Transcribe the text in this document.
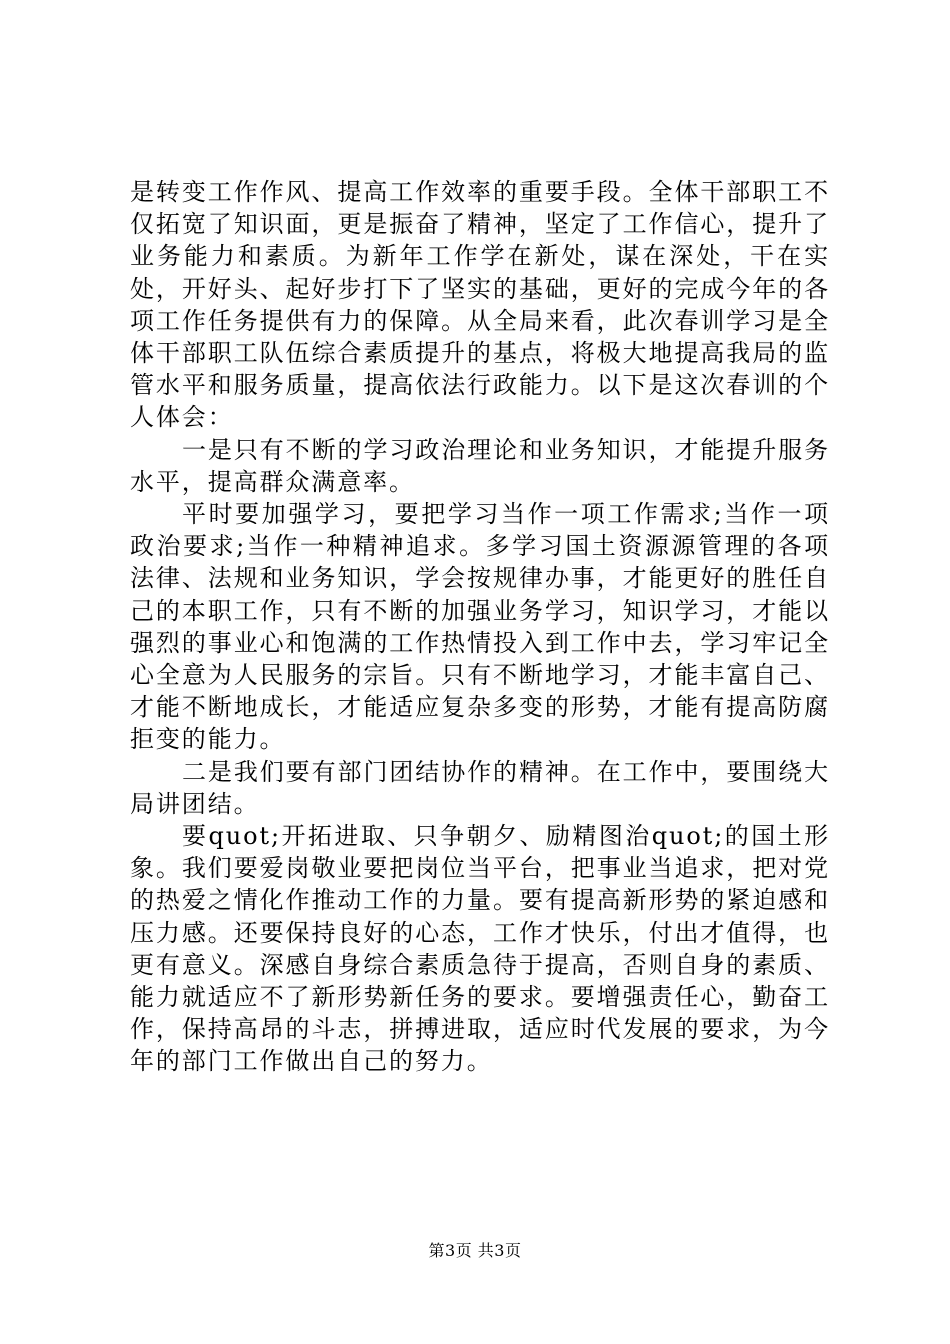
是转变工作作风、提高工作效率的重要手段。全体干部职工不仅拓宽了知识面，更是振奋了精神，坚定了工作信心，提升了业务能力和素质。为新年工作学在新处，谋在深处，干在实处，开好头、起好步打下了坚实的基础，更好的完成今年的各项工作任务提供有力的保障。从全局来看，此次春训学习是全体干部职工队伍综合素质提升的基点，将极大地提高我局的监管水平和服务质量，提高依法行政能力。以下是这次春训的个人体会：

一是只有不断的学习政治理论和业务知识，才能提升服务水平，提高群众满意率。

平时要加强学习，要把学习当作一项工作需求;当作一项政治要求;当作一种精神追求。多学习国土资源源管理的各项法律、法规和业务知识，学会按规律办事，才能更好的胜任自己的本职工作，只有不断的加强业务学习，知识学习，才能以强烈的事业心和饱满的工作热情投入到工作中去，学习牢记全心全意为人民服务的宗旨。只有不断地学习，才能丰富自己、才能不断地成长，才能适应复杂多变的形势，才能有提高防腐拒变的能力。

二是我们要有部门团结协作的精神。在工作中，要围绕大局讲团结。

要quot;开拓进取、只争朝夕、励精图治quot;的国土形象。我们要爱岗敬业要把岗位当平台，把事业当追求，把对党的热爱之情化作推动工作的力量。要有提高新形势的紧迫感和压力感。还要保持良好的心态，工作才快乐，付出才值得，也更有意义。深感自身综合素质急待于提高，否则自身的素质、能力就适应不了新形势新任务的要求。要增强责任心，勤奋工作，保持高昂的斗志，拼搏进取，适应时代发展的要求，为今年的部门工作做出自己的努力。

第3页 共3页
